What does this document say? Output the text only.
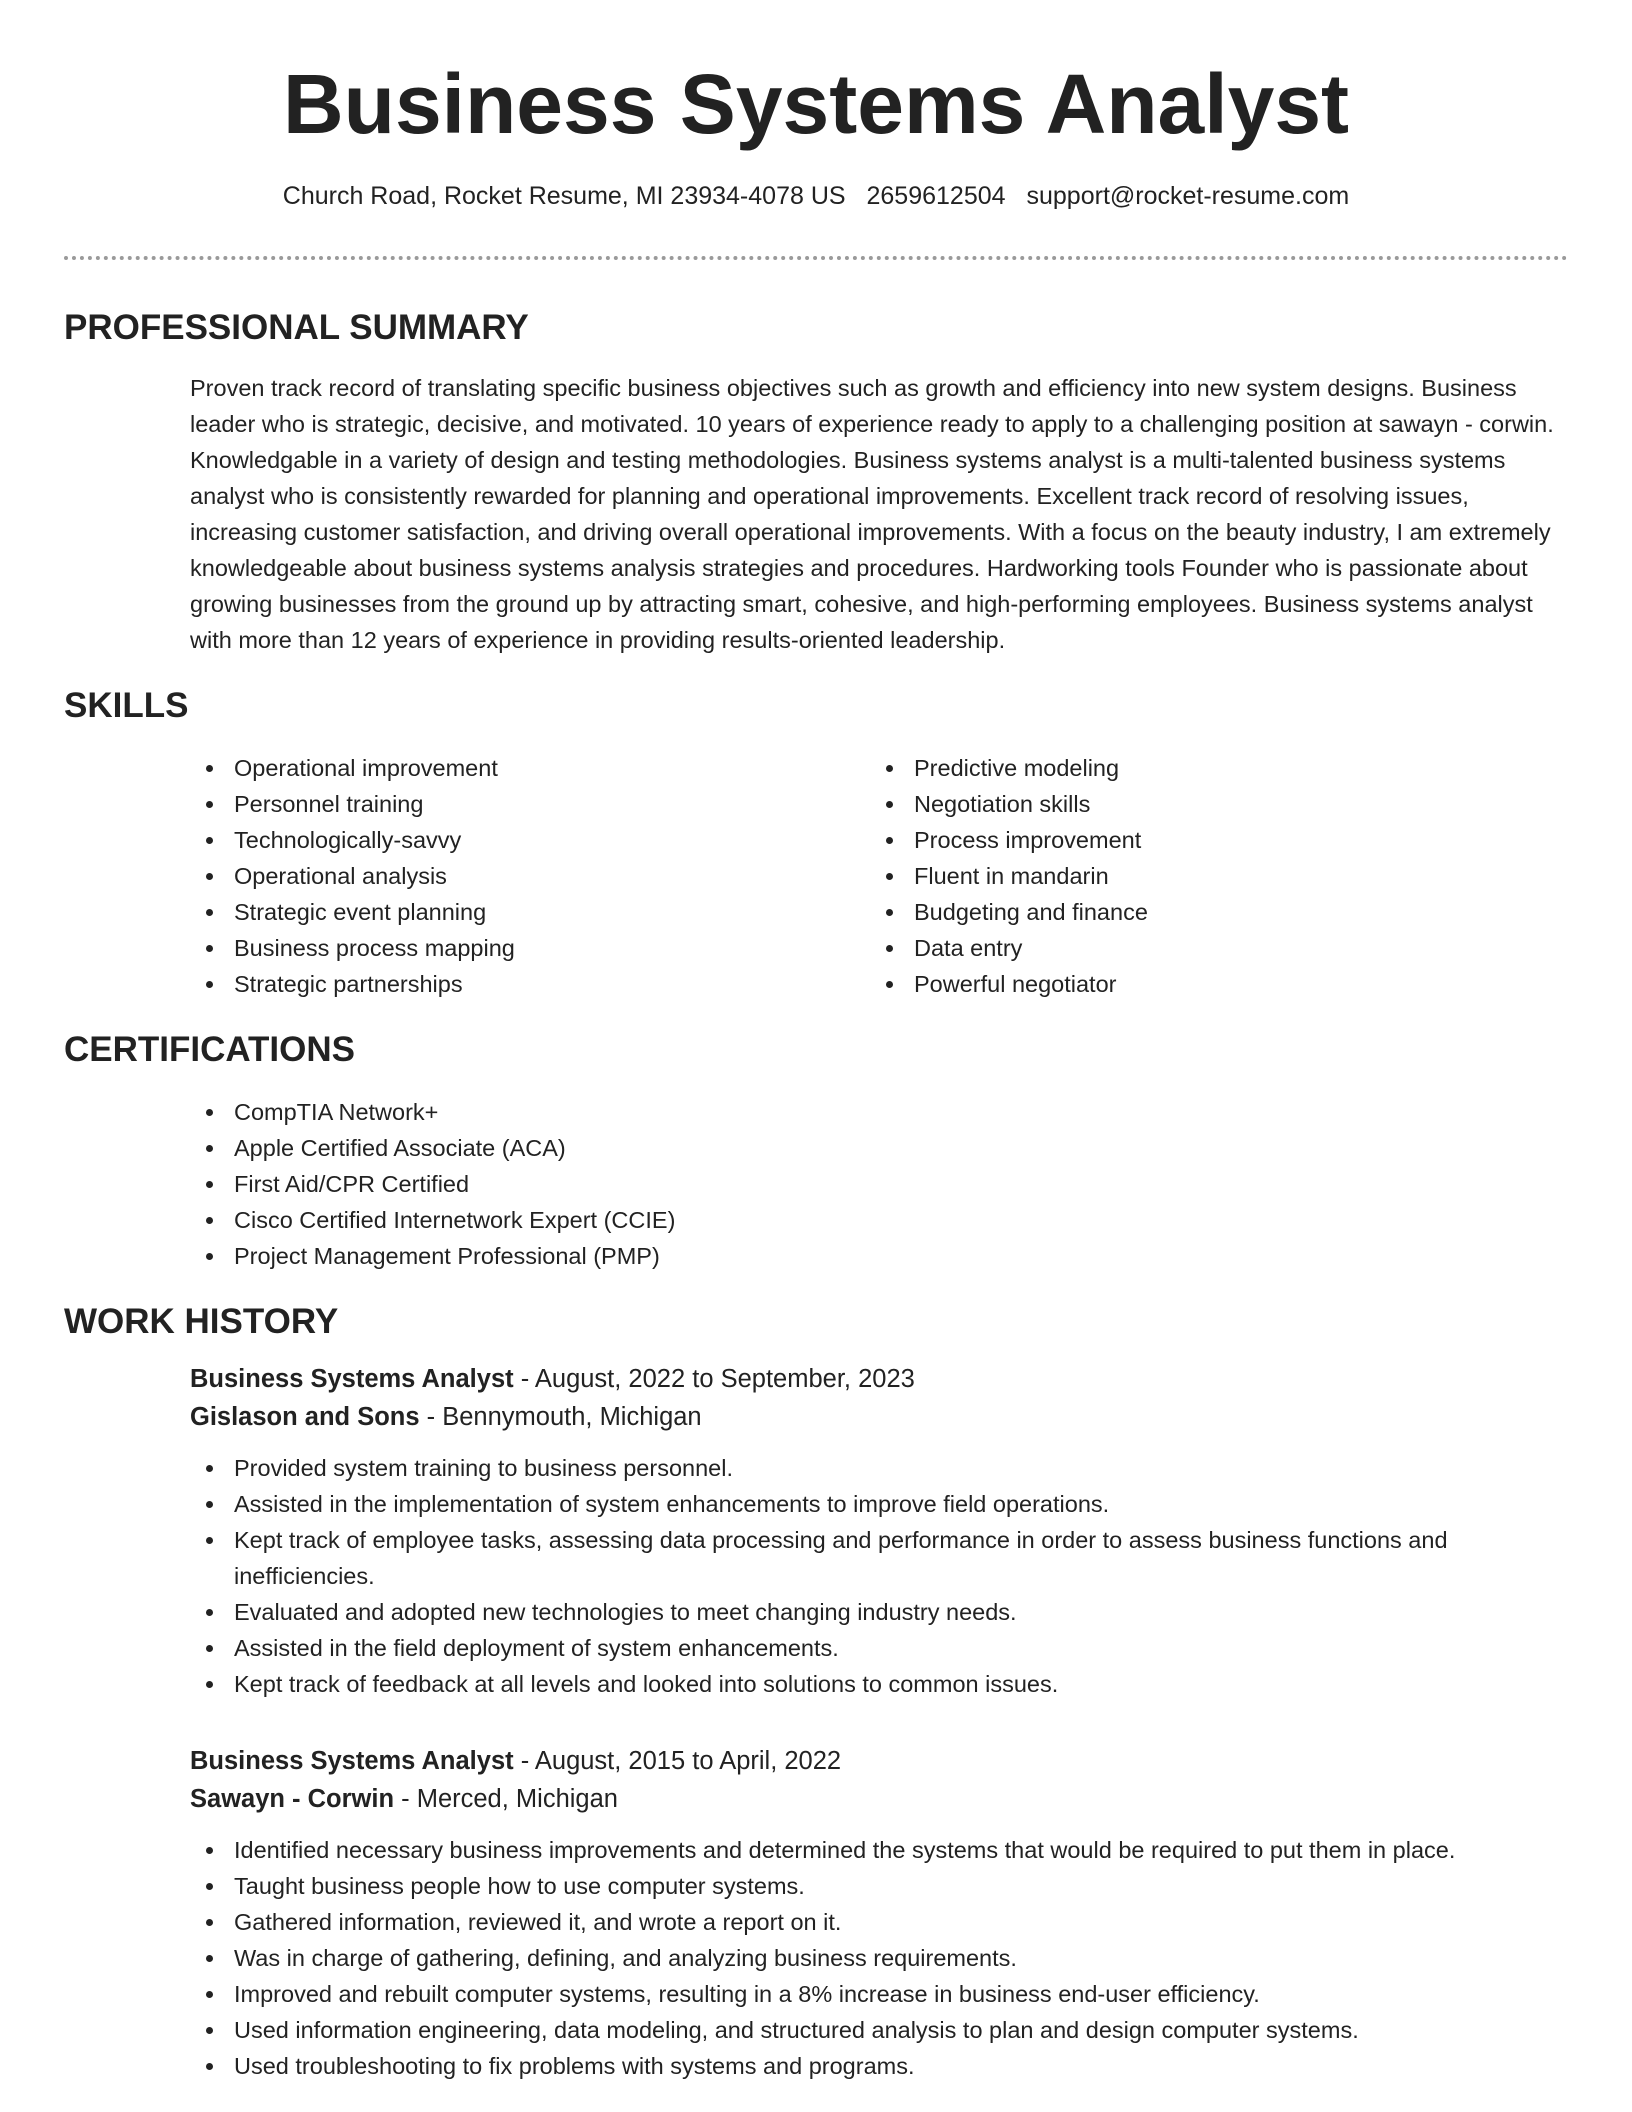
Business Systems Analyst
Church Road, Rocket Resume, MI 23934-4078 US 2659612504 support@rocket-resume.com
PROFESSIONAL SUMMARY

Proven track record of translating specific business objectives such as growth and efficiency into new system designs. Business leader who is strategic, decisive, and motivated. 10 years of experience ready to apply to a challenging position at sawayn - corwin. Knowledgable in a variety of design and testing methodologies. Business systems analyst is a multi-talented business systems analyst who is consistently rewarded for planning and operational improvements. Excellent track record of resolving issues, increasing customer satisfaction, and driving overall operational improvements. With a focus on the beauty industry, I am extremely knowledgeable about business systems analysis strategies and procedures. Hardworking tools Founder who is passionate about growing businesses from the ground up by attracting smart, cohesive, and high-performing employees. Business systems analyst with more than 12 years of experience in providing results-oriented leadership.

SKILLS
Operational improvement
Personnel training
Technologically-savvy
Operational analysis
Strategic event planning
Business process mapping
Strategic partnerships
Predictive modeling
Negotiation skills
Process improvement
Fluent in mandarin
Budgeting and finance
Data entry
Powerful negotiator
CERTIFICATIONS
CompTIA Network+
Apple Certified Associate (ACA)
First Aid/CPR Certified
Cisco Certified Internetwork Expert (CCIE)
Project Management Professional (PMP)
WORK HISTORY
Business Systems Analyst - August, 2022 to September, 2023
Gislason and Sons - Bennymouth, Michigan
Provided system training to business personnel.
Assisted in the implementation of system enhancements to improve field operations.
Kept track of employee tasks, assessing data processing and performance in order to assess business functions and inefficiencies.
Evaluated and adopted new technologies to meet changing industry needs.
Assisted in the field deployment of system enhancements.
Kept track of feedback at all levels and looked into solutions to common issues.
Business Systems Analyst - August, 2015 to April, 2022
Sawayn - Corwin - Merced, Michigan
Identified necessary business improvements and determined the systems that would be required to put them in place.
Taught business people how to use computer systems.
Gathered information, reviewed it, and wrote a report on it.
Was in charge of gathering, defining, and analyzing business requirements.
Improved and rebuilt computer systems, resulting in a 8% increase in business end-user efficiency.
Used information engineering, data modeling, and structured analysis to plan and design computer systems.
Used troubleshooting to fix problems with systems and programs.
